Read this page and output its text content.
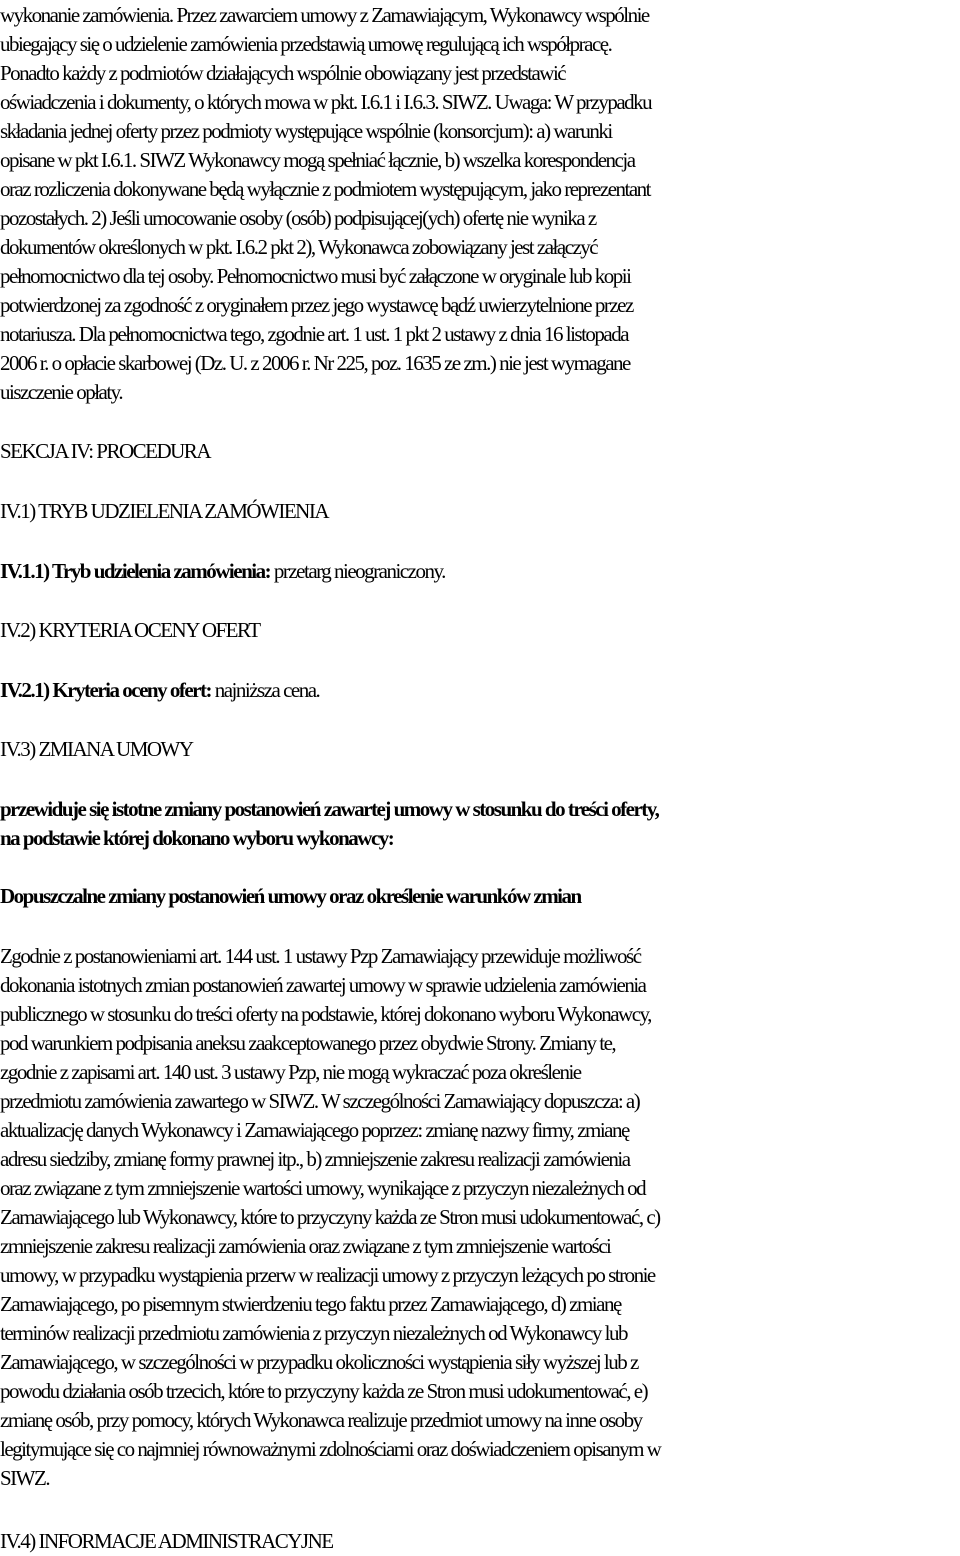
wykonanie zamówienia. Przez zawarciem umowy z Zamawiającym, Wykonawcy wspólnie
ubiegający się o udzielenie zamówienia przedstawią umowę regulującą ich współpracę.
Ponadto każdy z podmiotów działających wspólnie obowiązany jest przedstawić
oświadczenia i dokumenty, o których mowa w pkt. I.6.1 i I.6.3. SIWZ. Uwaga: W przypadku
składania jednej oferty przez podmioty występujące wspólnie (konsorcjum): a) warunki
opisane w pkt I.6.1. SIWZ Wykonawcy mogą spełniać łącznie, b) wszelka korespondencja
oraz rozliczenia dokonywane będą wyłącznie z podmiotem występującym, jako reprezentant
pozostałych. 2) Jeśli umocowanie osoby (osób) podpisującej(ych) ofertę nie wynika z
dokumentów określonych w pkt. I.6.2 pkt 2), Wykonawca zobowiązany jest załączyć
pełnomocnictwo dla tej osoby. Pełnomocnictwo musi być załączone w oryginale lub kopii
potwierdzonej za zgodność z oryginałem przez jego wystawcę bądź uwierzytelnione przez
notariusza. Dla pełnomocnictwa tego, zgodnie art. 1 ust. 1 pkt 2 ustawy z dnia 16 listopada
2006 r. o opłacie skarbowej (Dz. U. z 2006 r. Nr 225, poz. 1635 ze zm.) nie jest wymagane
uiszczenie opłaty.
SEKCJA IV: PROCEDURA
IV.1) TRYB UDZIELENIA ZAMÓWIENIA
IV.1.1) Tryb udzielenia zamówienia: przetarg nieograniczony.
IV.2) KRYTERIA OCENY OFERT
IV.2.1) Kryteria oceny ofert: najniższa cena.
IV.3) ZMIANA UMOWY
przewiduje się istotne zmiany postanowień zawartej umowy w stosunku do treści oferty,
na podstawie której dokonano wyboru wykonawcy:
Dopuszczalne zmiany postanowień umowy oraz określenie warunków zmian
Zgodnie z postanowieniami art. 144 ust. 1 ustawy Pzp Zamawiający przewiduje możliwość
dokonania istotnych zmian postanowień zawartej umowy w sprawie udzielenia zamówienia
publicznego w stosunku do treści oferty na podstawie, której dokonano wyboru Wykonawcy,
pod warunkiem podpisania aneksu zaakceptowanego przez obydwie Strony. Zmiany te,
zgodnie z zapisami art. 140 ust. 3 ustawy Pzp, nie mogą wykraczać poza określenie
przedmiotu zamówienia zawartego w SIWZ. W szczególności Zamawiający dopuszcza: a)
aktualizację danych Wykonawcy i Zamawiającego poprzez: zmianę nazwy firmy, zmianę
adresu siedziby, zmianę formy prawnej itp., b) zmniejszenie zakresu realizacji zamówienia
oraz związane z tym zmniejszenie wartości umowy, wynikające z przyczyn niezależnych od
Zamawiającego lub Wykonawcy, które to przyczyny każda ze Stron musi udokumentować, c)
zmniejszenie zakresu realizacji zamówienia oraz związane z tym zmniejszenie wartości
umowy, w przypadku wystąpienia przerw w realizacji umowy z przyczyn leżących po stronie
Zamawiającego, po pisemnym stwierdzeniu tego faktu przez Zamawiającego, d) zmianę
terminów realizacji przedmiotu zamówienia z przyczyn niezależnych od Wykonawcy lub
Zamawiającego, w szczególności w przypadku okoliczności wystąpienia siły wyższej lub z
powodu działania osób trzecich, które to przyczyny każda ze Stron musi udokumentować, e)
zmianę osób, przy pomocy, których Wykonawca realizuje przedmiot umowy na inne osoby
legitymujące się co najmniej równoważnymi zdolnościami oraz doświadczeniem opisanym w
SIWZ.
IV.4) INFORMACJE ADMINISTRACYJNE
